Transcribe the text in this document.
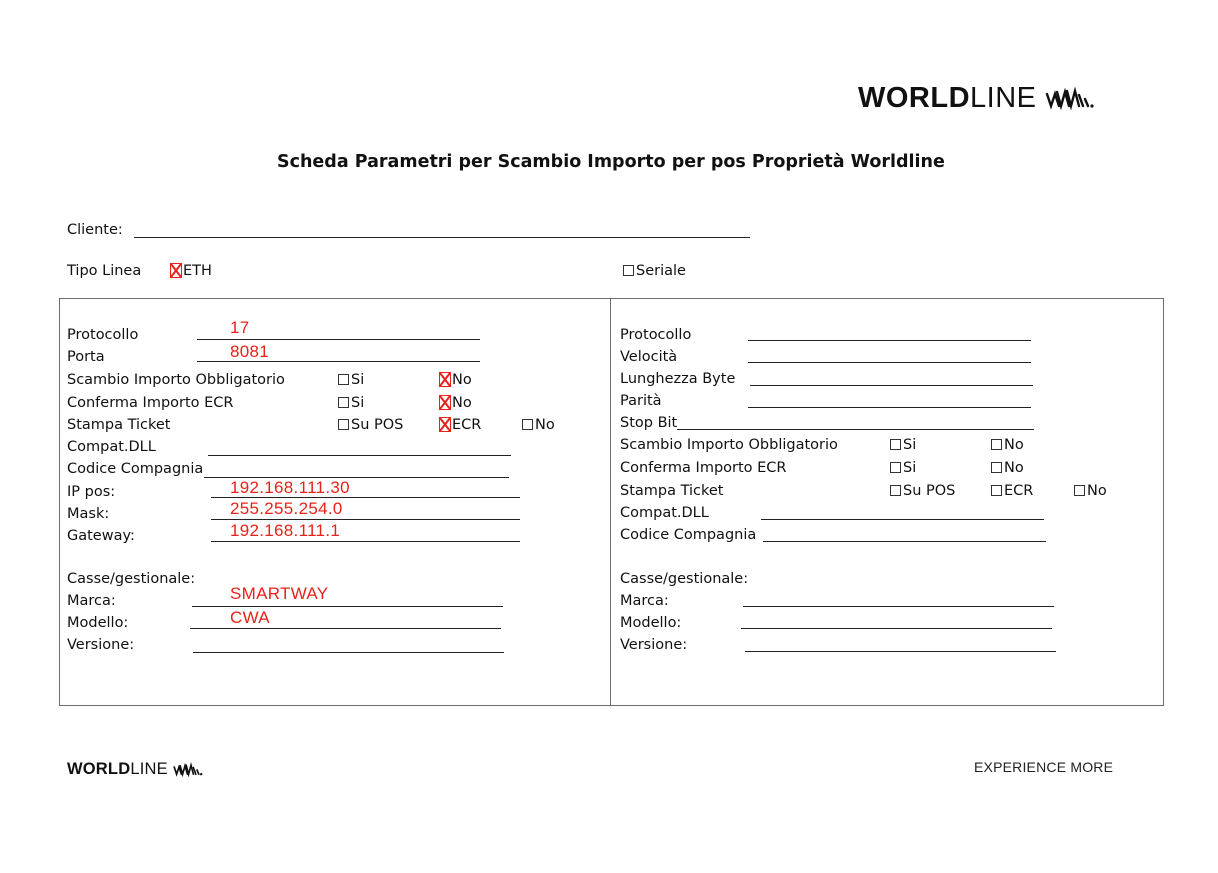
WORLDLINE
Scheda Parametri per Scambio Importo per pos Proprietà Worldline
Cliente:
Tipo Linea	ETH	Seriale
Protocollo	17
Porta	8081
Scambio Importo Obbligatorio	Si	No
Conferma Importo ECR	Si	No
Stampa Ticket	Su POS	ECR	No
Compat.DLL
Codice Compagnia
IP pos:	192.168.111.30
Mask:	255.255.254.0
Gateway:	192.168.111.1
Casse/gestionale:
Marca:	SMARTWAY
Modello:	CWA
Versione:
Protocollo
Velocità
Lunghezza Byte
Parità
Stop Bit
Scambio Importo Obbligatorio	Si	No
Conferma Importo ECR	Si	No
Stampa Ticket	Su POS	ECR	No
Compat.DLL
Codice Compagnia
Casse/gestionale:
Marca:
Modello:
Versione:
WORLDLINE	EXPERIENCE MORE
